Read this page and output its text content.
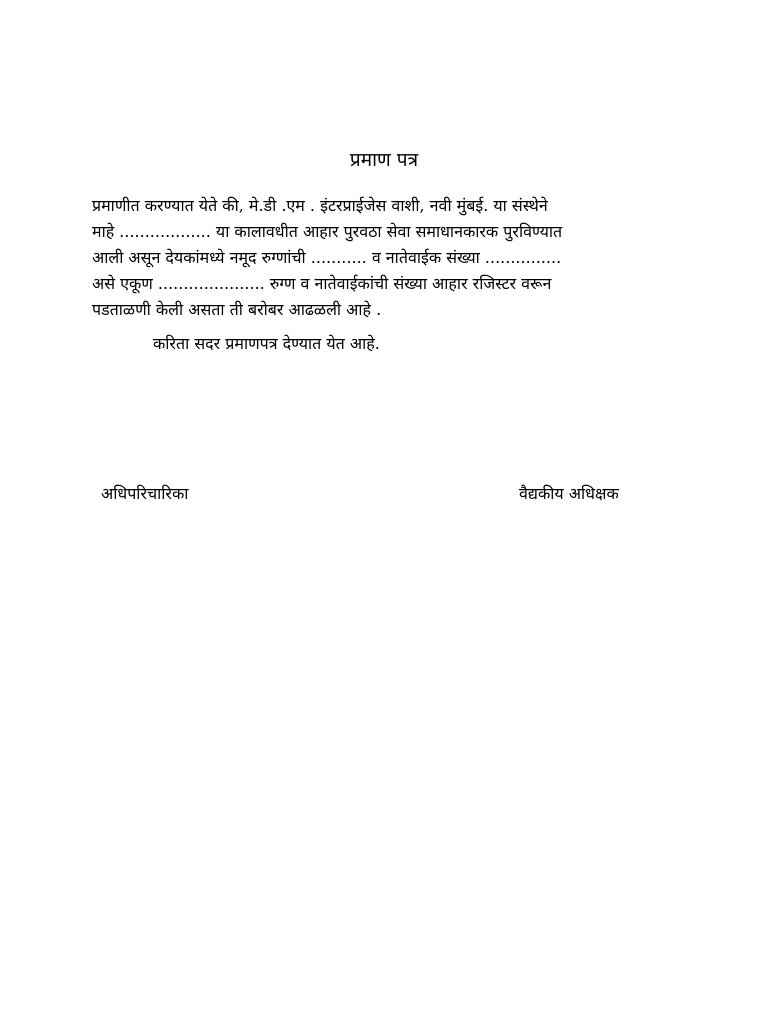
प्रमाण पत्र

प्रमाणीत करण्यात येते की, मे.डी .एम . इंटरप्राईजेस वाशी, नवी मुंबई. या संस्थेने
माहे .................. या कालावधीत आहार पुरवठा सेवा समाधानकारक पुरविण्यात
आली असून देयकांमध्ये नमूद रुग्णांची ........... व नातेवाईक संख्या ...............
असे एकूण ..................... रुग्ण व नातेवाईकांची संख्या आहार रजिस्टर वरून
पडताळणी केली असता ती बरोबर आढळली आहे .

करिता सदर प्रमाणपत्र देण्यात येत आहे.

अधिपरिचारिका	वैद्यकीय अधिक्षक
